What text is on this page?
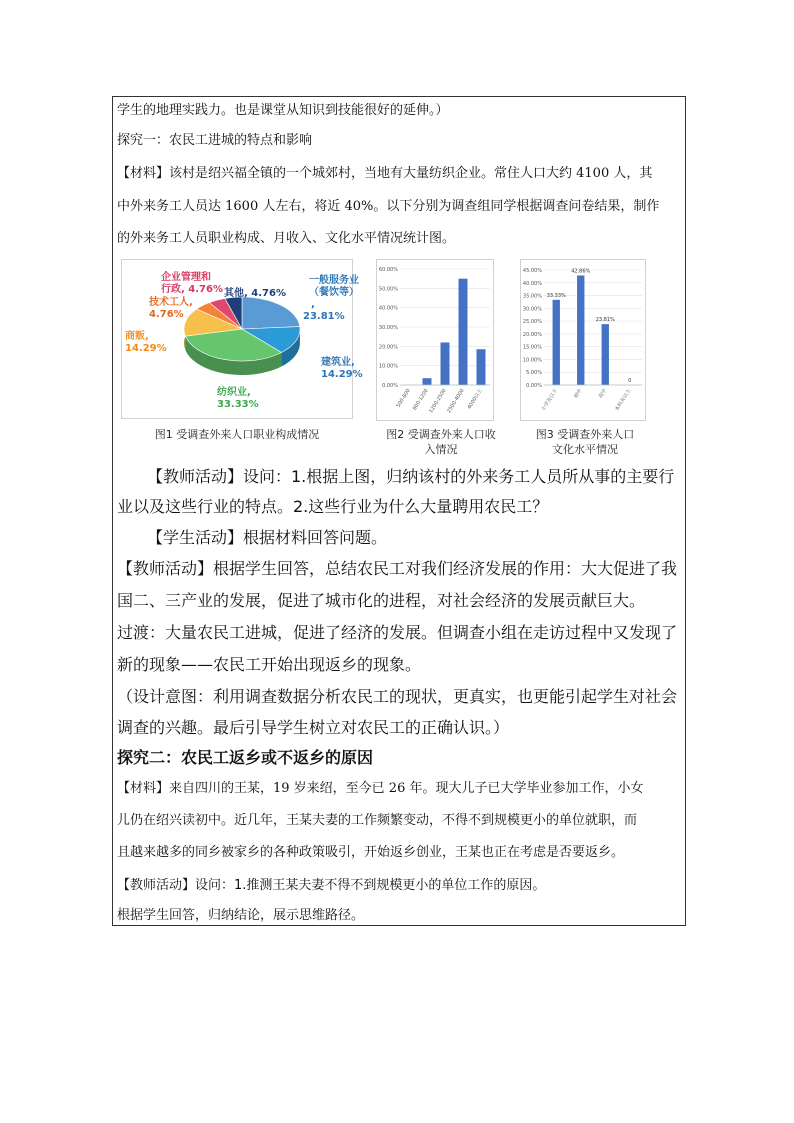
学生的地理实践力。也是课堂从知识到技能很好的延伸。）
探究一：农民工进城的特点和影响
【材料】该村是绍兴福全镇的一个城郊村，当地有大量纺织企业。常住人口大约 4100 人，其
中外来务工人员达 1600 人左右，将近 40%。以下分别为调查组同学根据调查问卷结果，制作
的外来务工人员职业构成、月收入、文化水平情况统计图。
一般服务业
（餐饮等）
,
23.81%
建筑业,
14.29%
纺织业,
33.33%
商贩,
14.29%
技术工人,
4.76%
企业管理和
行政, 4.76% 其他, 4.76%
图1 受调查外来人口职业构成情况
0.00%
10.00%
20.00%
30.00%
40.00%
50.00%
60.00%
500-800 800-1200
1200-2500
2500-4000 4000以上
图2 受调查外来人口收
入情况
0.00%
5.00%
10.00%
15.00%
20.00%
25.00%
30.00%
35.00%
40.00%
45.00%
33.33%
小学及以下
42.86%
初中
23.81%
高中
0
本科及以上
图3 受调查外来人口
文化水平情况
【教师活动】设问：1.根据上图，归纳该村的外来务工人员所从事的主要行
业以及这些行业的特点。2.这些行业为什么大量聘用农民工？
【学生活动】根据材料回答问题。
【教师活动】根据学生回答，总结农民工对我们经济发展的作用：大大促进了我
国二、三产业的发展，促进了城市化的进程，对社会经济的发展贡献巨大。
过渡：大量农民工进城，促进了经济的发展。但调查小组在走访过程中又发现了
新的现象——农民工开始出现返乡的现象。
（设计意图：利用调查数据分析农民工的现状，更真实，也更能引起学生对社会
调查的兴趣。最后引导学生树立对农民工的正确认识。）
探究二：农民工返乡或不返乡的原因
【材料】来自四川的王某，19 岁来绍，至今已 26 年。现大儿子已大学毕业参加工作，小女
儿仍在绍兴读初中。近几年，王某夫妻的工作频繁变动，不得不到规模更小的单位就职，而
且越来越多的同乡被家乡的各种政策吸引，开始返乡创业，王某也正在考虑是否要返乡。
【教师活动】设问：1.推测王某夫妻不得不到规模更小的单位工作的原因。
根据学生回答，归纳结论，展示思维路径。
